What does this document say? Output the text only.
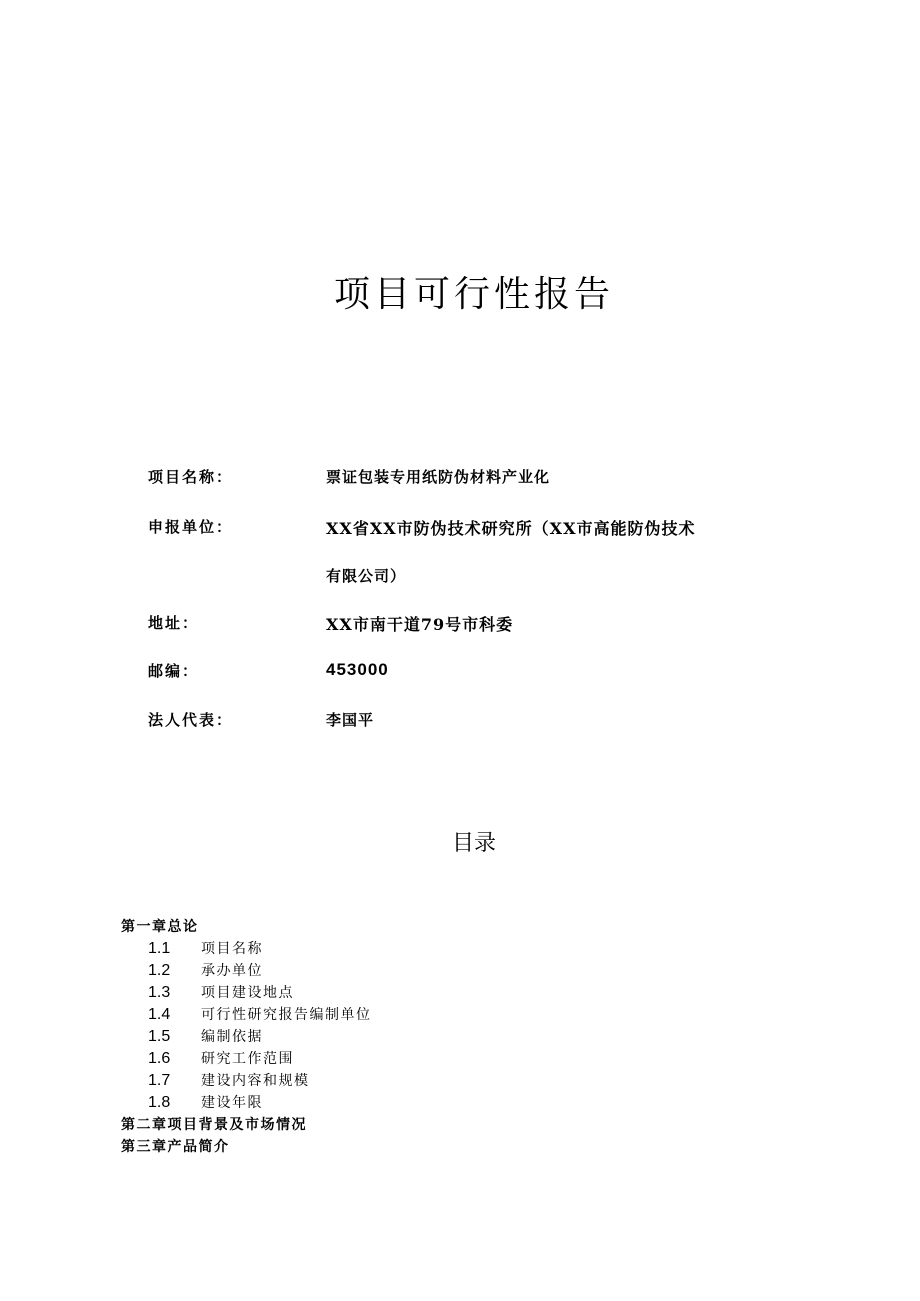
项目可行性报告
项目名称：	票证包装专用纸防伪材料产业化
申报单位：	XX省XX市防伪技术研究所（XX市高能防伪技术
有限公司）
地址：	XX市南干道79号市科委
邮编：	453000
法人代表：	李国平
目录
第一章总论
1.1 项目名称
1.2 承办单位
1.3 项目建设地点
1.4 可行性研究报告编制单位
1.5 编制依据
1.6 研究工作范围
1.7 建设内容和规模
1.8 建设年限
第二章项目背景及市场情况
第三章产品简介
